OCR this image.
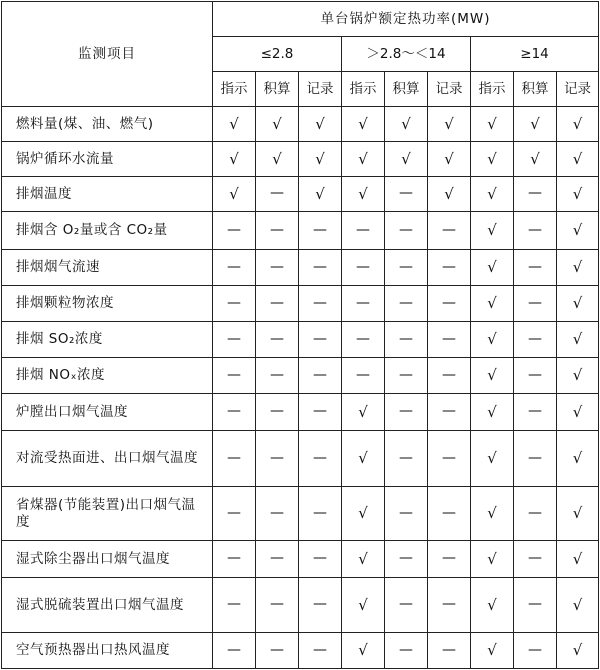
监测项目	单台锅炉额定热功率(MW)								
	≤2.8			＞2.8～＜14			≥14		
	指示	积算	记录	指示	积算	记录	指示	积算	记录
燃料量(煤、油、燃气)	√	√	√	√	√	√	√	√	√
锅炉循环水流量	√	√	√	√	√	√	√	√	√
排烟温度	√	—	√	√	—	√	√	—	√
排烟含 O₂量或含 CO₂量	—	—	—	—	—	—	√	—	√
排烟烟气流速	—	—	—	—	—	—	√	—	√
排烟颗粒物浓度	—	—	—	—	—	—	√	—	√
排烟 SO₂浓度	—	—	—	—	—	—	√	—	√
排烟 NOₓ浓度	—	—	—	—	—	—	√	—	√
炉膛出口烟气温度	—	—	—	√	—	—	√	—	√
对流受热面进、出口烟气温度	—	—	—	√	—	—	√	—	√
省煤器(节能装置)出口烟气温度	—	—	—	√	—	—	√	—	√
湿式除尘器出口烟气温度	—	—	—	√	—	—	√	—	√
湿式脱硫装置出口烟气温度	—	—	—	√	—	—	√	—	√
空气预热器出口热风温度	—	—	—	√	—	—	√	—	√
